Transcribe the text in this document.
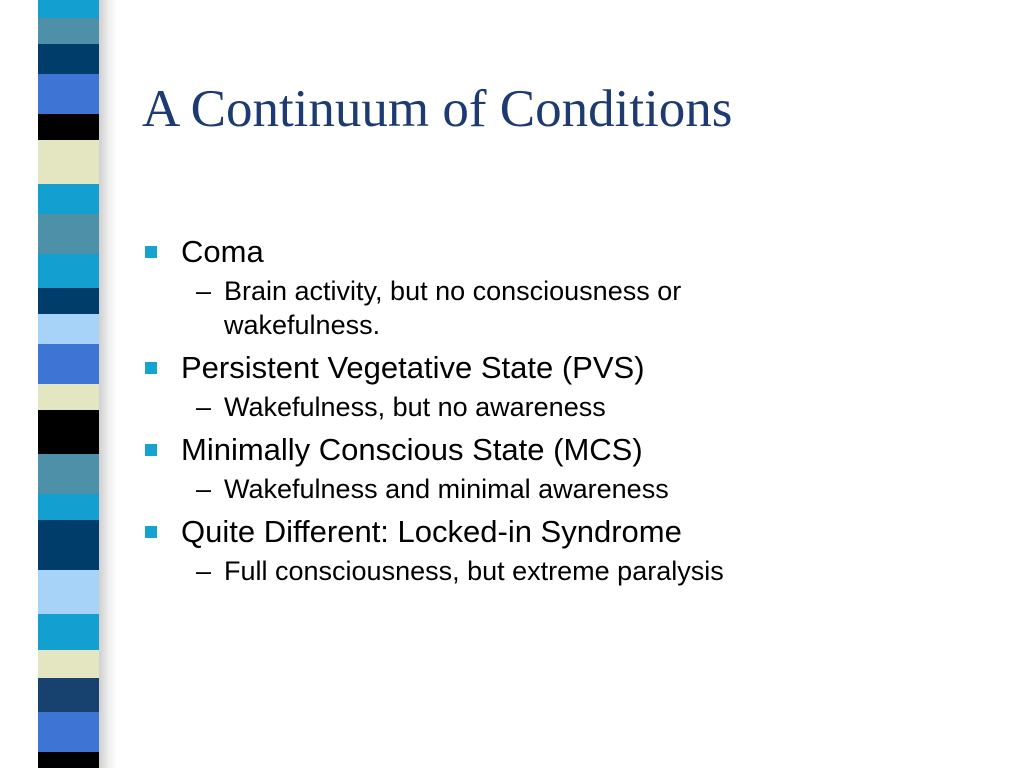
A Continuum of Conditions
Coma
– Brain activity, but no consciousness or wakefulness.
Persistent Vegetative State (PVS)
– Wakefulness, but no awareness
Minimally Conscious State (MCS)
– Wakefulness and minimal awareness
Quite Different: Locked-in Syndrome
– Full consciousness, but extreme paralysis
